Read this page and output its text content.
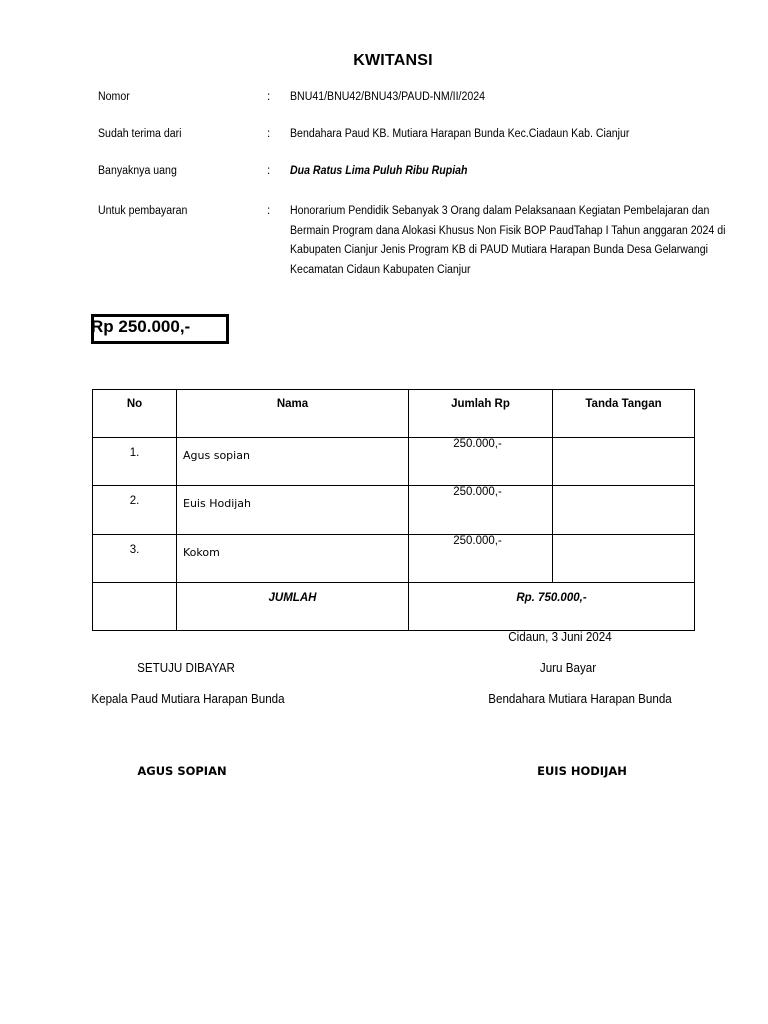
KWITANSI
Nomor	: BNU41/BNU42/BNU43/PAUD-NM/II/2024
Sudah terima dari	: Bendahara Paud KB. Mutiara Harapan Bunda Kec.Ciadaun Kab. Cianjur
Banyaknya uang	: Dua Ratus Lima Puluh Ribu Rupiah
Untuk pembayaran	: Honorarium Pendidik Sebanyak 3 Orang dalam Pelaksanaan Kegiatan Pembelajaran dan
Bermain Program dana Alokasi Khusus Non Fisik BOP PaudTahap I Tahun anggaran 2024 di
Kabupaten Cianjur Jenis Program KB di PAUD Mutiara Harapan Bunda Desa Gelarwangi
Kecamatan Cidaun Kabupaten Cianjur
Rp 250.000,-
No	Nama	Jumlah Rp	Tanda Tangan
1.	Agus sopian	250.000,-	

2.	Euis Hodijah	250.000,-	

3.	Kokom	250.000,-	

	JUMLAH	Rp. 750.000,-	
Cidaun, 3 Juni 2024
SETUJU DIBAYAR	Juru Bayar
Kepala Paud Mutiara Harapan Bunda	Bendahara Mutiara Harapan Bunda
AGUS SOPIAN	EUIS HODIJAH
